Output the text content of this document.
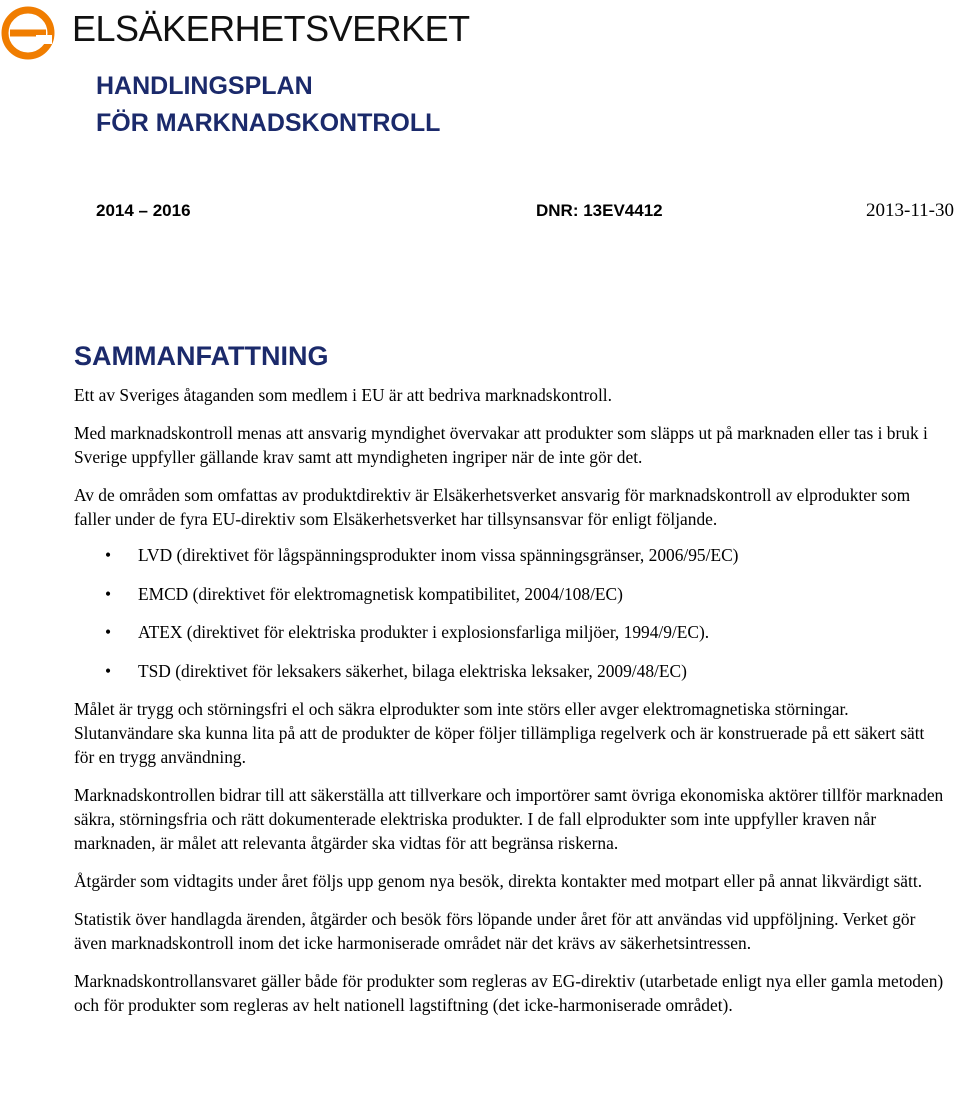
ELSÄKERHETSVERKET
HANDLINGSPLAN
FÖR MARKNADSKONTROLL
2014 – 2016	DNR: 13EV4412	2013-11-30
SAMMANFATTNING

Ett av Sveriges åtaganden som medlem i EU är att bedriva marknadskontroll.

Med marknadskontroll menas att ansvarig myndighet övervakar att produkter som släpps ut på marknaden eller tas i bruk i Sverige uppfyller gällande krav samt att myndigheten ingriper när de inte gör det.

Av de områden som omfattas av produktdirektiv är Elsäkerhetsverket ansvarig för marknadskontroll av elprodukter som faller under de fyra EU-direktiv som Elsäkerhetsverket har tillsynsansvar för enligt följande.

• LVD (direktivet för lågspänningsprodukter inom vissa spänningsgränser, 2006/95/EC)
• EMCD (direktivet för elektromagnetisk kompatibilitet, 2004/108/EC)
• ATEX (direktivet för elektriska produkter i explosionsfarliga miljöer, 1994/9/EC).
• TSD (direktivet för leksakers säkerhet, bilaga elektriska leksaker, 2009/48/EC)

Målet är trygg och störningsfri el och säkra elprodukter som inte störs eller avger elektromagnetiska störningar. Slutanvändare ska kunna lita på att de produkter de köper följer tillämpliga regelverk och är konstruerade på ett säkert sätt för en trygg användning.

Marknadskontrollen bidrar till att säkerställa att tillverkare och importörer samt övriga ekonomiska aktörer tillför marknaden säkra, störningsfria och rätt dokumenterade elektriska produkter. I de fall elprodukter som inte uppfyller kraven når marknaden, är målet att relevanta åtgärder ska vidtas för att begränsa riskerna.

Åtgärder som vidtagits under året följs upp genom nya besök, direkta kontakter med motpart eller på annat likvärdigt sätt.

Statistik över handlagda ärenden, åtgärder och besök förs löpande under året för att användas vid uppföljning. Verket gör även marknadskontroll inom det icke harmoniserade området när det krävs av säkerhetsintressen.

Marknadskontrollansvaret gäller både för produkter som regleras av EG-direktiv (utarbetade enligt nya eller gamla metoden) och för produkter som regleras av helt nationell lagstiftning (det icke-harmoniserade området).
